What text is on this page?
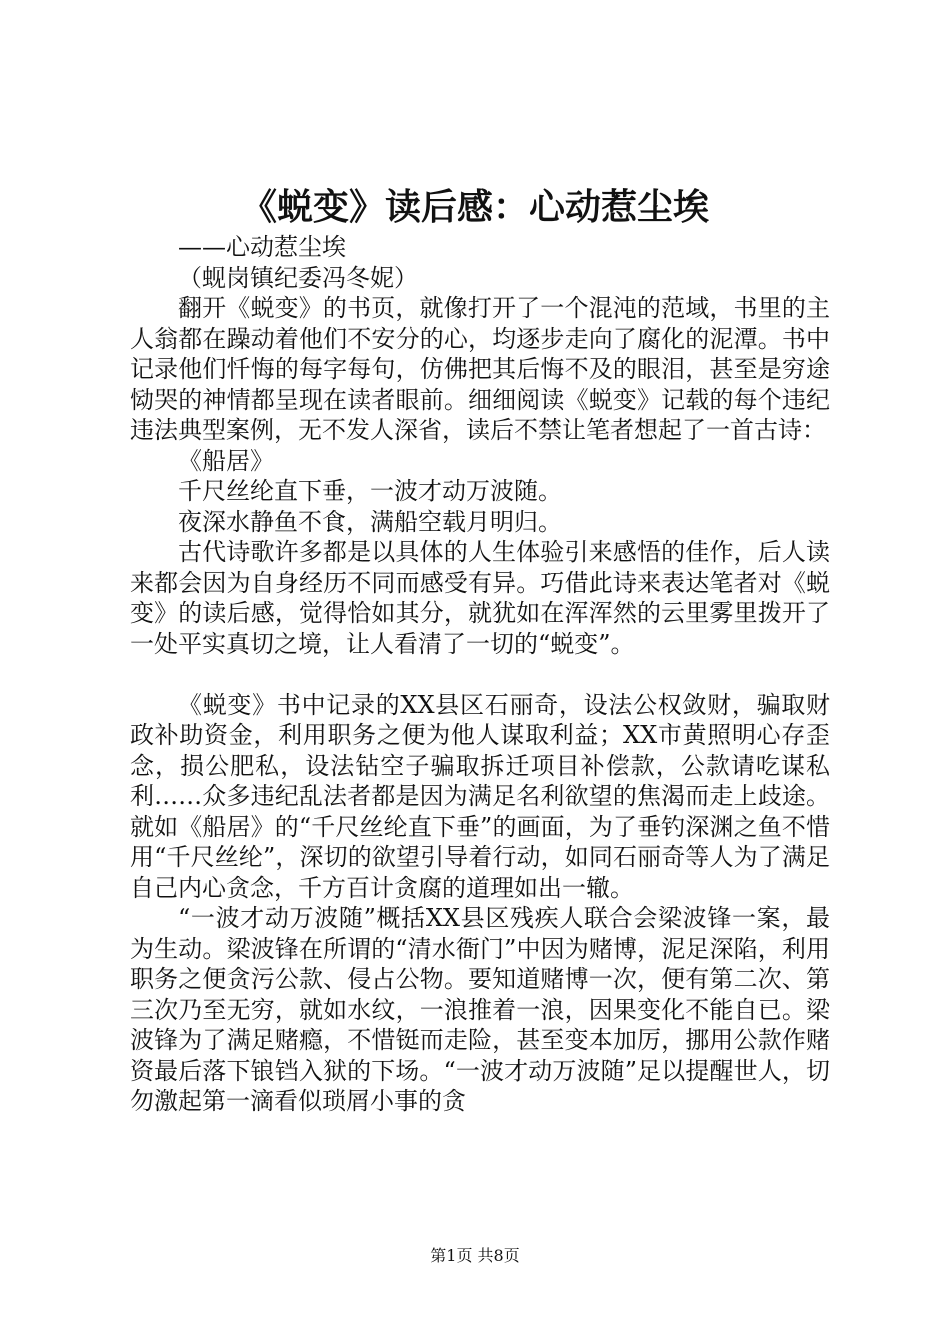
《蜕变》读后感：心动惹尘埃

——心动惹尘埃

（蚬岗镇纪委冯冬妮）

翻开《蜕变》的书页，就像打开了一个混沌的范域，书里的主人翁都在躁动着他们不安分的心，均逐步走向了腐化的泥潭。书中记录他们忏悔的每字每句，仿佛把其后悔不及的眼泪，甚至是穷途恸哭的神情都呈现在读者眼前。细细阅读《蜕变》记载的每个违纪违法典型案例，无不发人深省，读后不禁让笔者想起了一首古诗：

《船居》

千尺丝纶直下垂，一波才动万波随。

夜深水静鱼不食，满船空载月明归。

古代诗歌许多都是以具体的人生体验引来感悟的佳作，后人读来都会因为自身经历不同而感受有异。巧借此诗来表达笔者对《蜕变》的读后感，觉得恰如其分，就犹如在浑浑然的云里雾里拨开了一处平实真切之境，让人看清了一切的“蜕变”。

《蜕变》书中记录的XX县区石丽奇，设法公权敛财，骗取财政补助资金，利用职务之便为他人谋取利益；XX市黄照明心存歪念，损公肥私，设法钻空子骗取拆迁项目补偿款，公款请吃谋私利……众多违纪乱法者都是因为满足名利欲望的焦渴而走上歧途。就如《船居》的“千尺丝纶直下垂”的画面，为了垂钓深渊之鱼不惜用“千尺丝纶”，深切的欲望引导着行动，如同石丽奇等人为了满足自己内心贪念，千方百计贪腐的道理如出一辙。

“一波才动万波随”概括XX县区残疾人联合会梁波锋一案，最为生动。梁波锋在所谓的“清水衙门”中因为赌博，泥足深陷，利用职务之便贪污公款、侵占公物。要知道赌博一次，便有第二次、第三次乃至无穷，就如水纹，一浪推着一浪，因果变化不能自已。梁波锋为了满足赌瘾，不惜铤而走险，甚至变本加厉，挪用公款作赌资最后落下锒铛入狱的下场。“一波才动万波随”足以提醒世人，切勿激起第一滴看似琐屑小事的贪

第1页 共8页
